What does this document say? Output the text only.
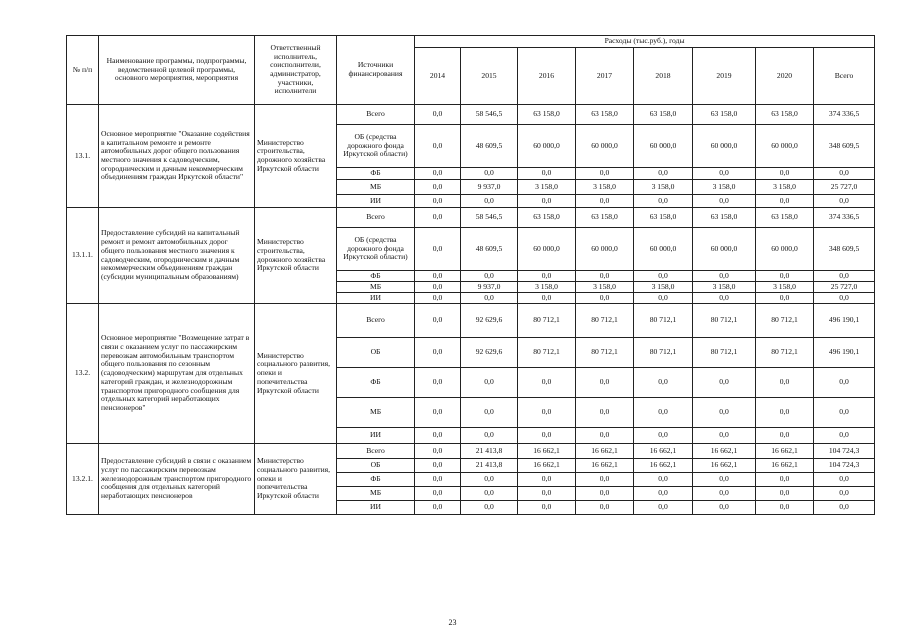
№ п/п	Наименование программы, подпрограммы, ведомственной целевой программы, основного мероприятия, мероприятия	Ответственный исполнитель, соисполнители, администратор, участники, исполнители	Источники финансирования	Расходы (тыс.руб.), годы							
				2014	2015	2016	2017	2018	2019	2020	Всего
13.1.	Основное мероприятие "Оказание содействия в капитальном ремонте и ремонте автомобильных дорог общего пользования местного значения к садоводческим, огородническим и дачным некоммерческим объединениям граждан Иркутской области"	Министерство строительства, дорожного хозяйства Иркутской области	Всего	0,0	58 546,5	63 158,0	63 158,0	63 158,0	63 158,0	63 158,0	374 336,5
			ОБ (средства дорожного фонда Иркутской области)	0,0	48 609,5	60 000,0	60 000,0	60 000,0	60 000,0	60 000,0	348 609,5
			ФБ	0,0	0,0	0,0	0,0	0,0	0,0	0,0	0,0
			МБ	0,0	9 937,0	3 158,0	3 158,0	3 158,0	3 158,0	3 158,0	25 727,0
			ИИ	0,0	0,0	0,0	0,0	0,0	0,0	0,0	0,0
13.1.1.	Предоставление субсидий на капитальный ремонт и ремонт автомобильных дорог общего пользования местного значения к садоводческим, огородническим и дачным некоммерческим объединениям граждан (субсидии муниципальным образованиям)	Министерство строительства, дорожного хозяйства Иркутской области	Всего	0,0	58 546,5	63 158,0	63 158,0	63 158,0	63 158,0	63 158,0	374 336,5
			ОБ (средства дорожного фонда Иркутской области)	0,0	48 609,5	60 000,0	60 000,0	60 000,0	60 000,0	60 000,0	348 609,5
			ФБ	0,0	0,0	0,0	0,0	0,0	0,0	0,0	0,0
			МБ	0,0	9 937,0	3 158,0	3 158,0	3 158,0	3 158,0	3 158,0	25 727,0
			ИИ	0,0	0,0	0,0	0,0	0,0	0,0	0,0	0,0
13.2.	Основное мероприятие "Возмещение затрат в связи с оказанием услуг по пассажирским перевозкам автомобильным транспортом общего пользования по сезонным (садоводческим) маршрутам для отдельных категорий граждан, и железнодорожным транспортом пригородного сообщения для отдельных категорий неработающих пенсионеров"	Министерство социального развития, опеки и попечительства Иркутской области	Всего	0,0	92 629,6	80 712,1	80 712,1	80 712,1	80 712,1	80 712,1	496 190,1
			ОБ	0,0	92 629,6	80 712,1	80 712,1	80 712,1	80 712,1	80 712,1	496 190,1
			ФБ	0,0	0,0	0,0	0,0	0,0	0,0	0,0	0,0
			МБ	0,0	0,0	0,0	0,0	0,0	0,0	0,0	0,0
			ИИ	0,0	0,0	0,0	0,0	0,0	0,0	0,0	0,0
13.2.1.	Предоставление субсидий в связи с оказанием услуг по пассажирским перевозкам железнодорожным транспортом пригородного сообщения для отдельных категорий неработающих пенсионеров	Министерство социального развития, опеки и попечительства Иркутской области	Всего	0,0	21 413,8	16 662,1	16 662,1	16 662,1	16 662,1	16 662,1	104 724,3
			ОБ	0,0	21 413,8	16 662,1	16 662,1	16 662,1	16 662,1	16 662,1	104 724,3
			ФБ	0,0	0,0	0,0	0,0	0,0	0,0	0,0	0,0
			МБ	0,0	0,0	0,0	0,0	0,0	0,0	0,0	0,0
			ИИ	0,0	0,0	0,0	0,0	0,0	0,0	0,0	0,0
23
